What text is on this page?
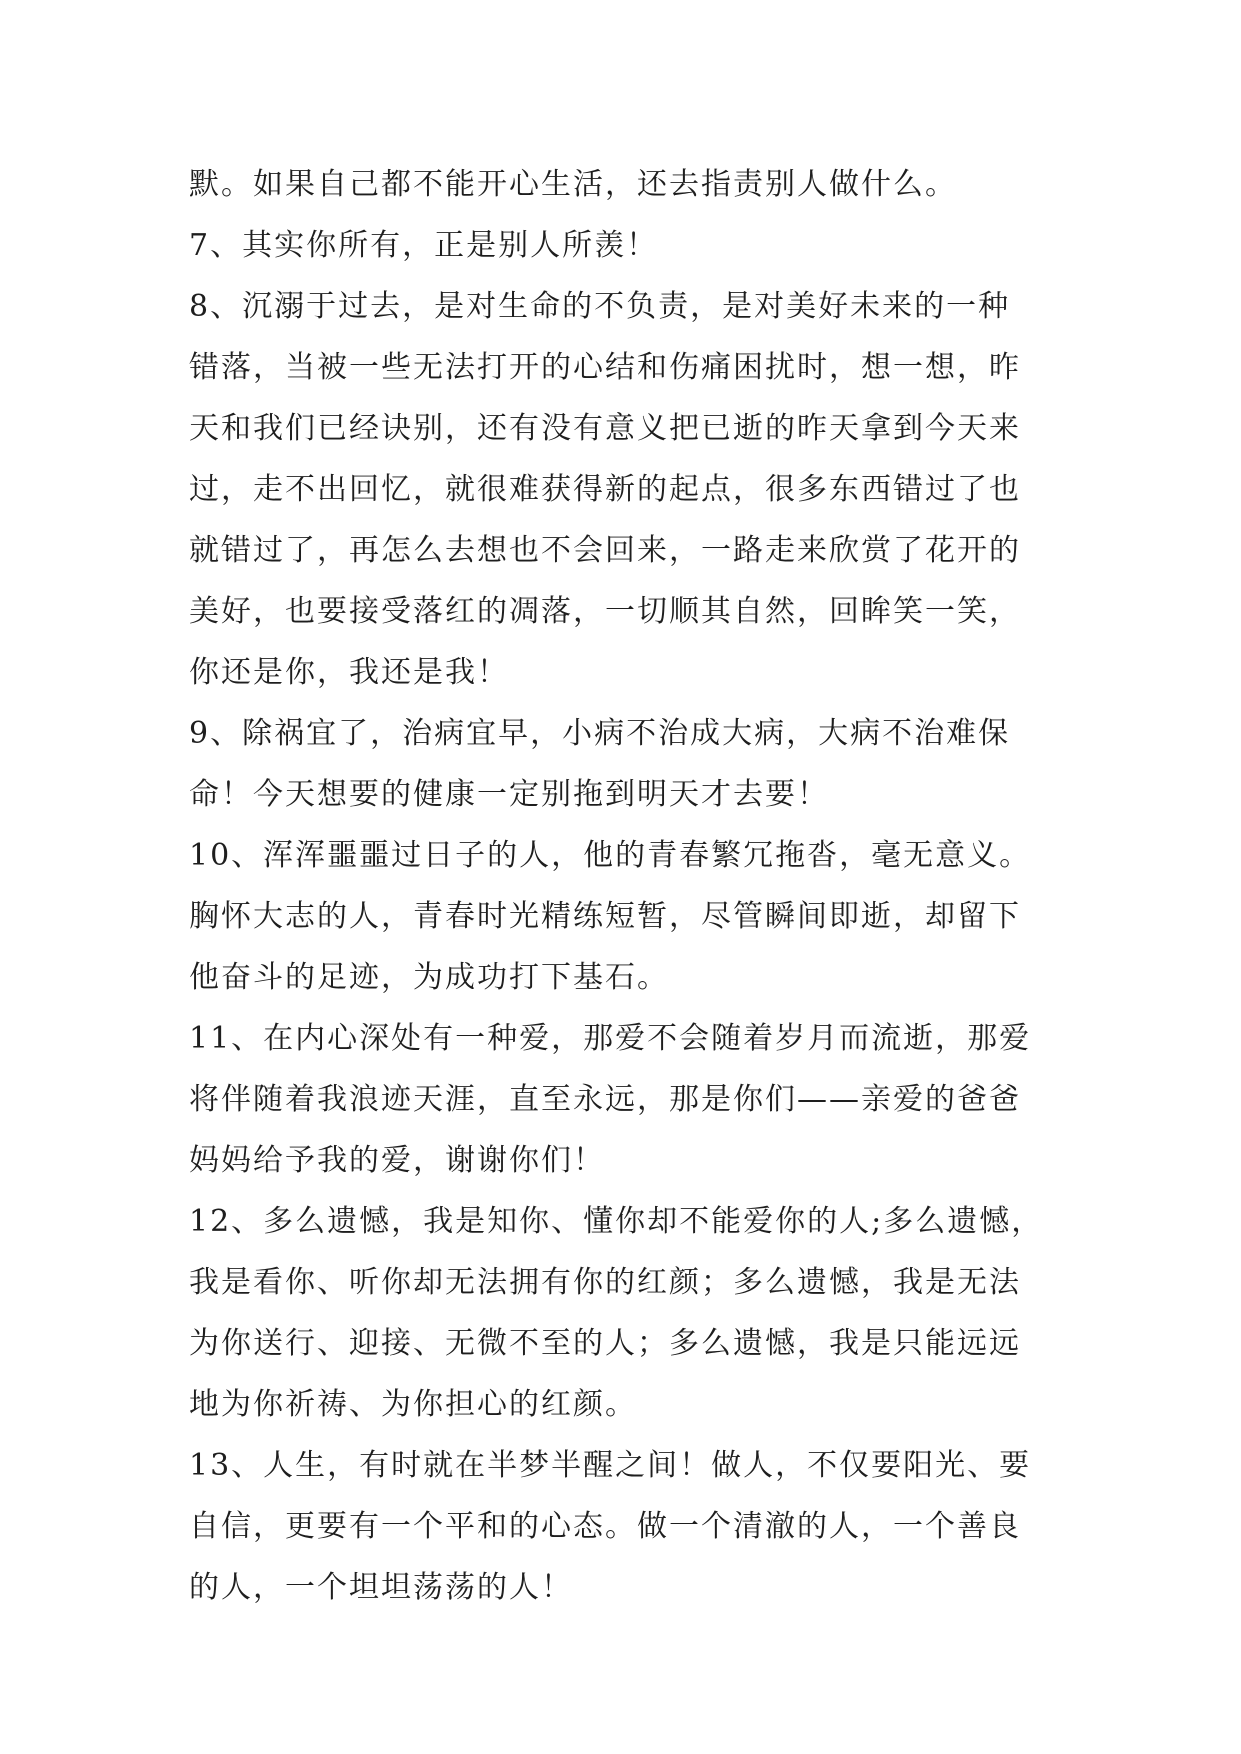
默。如果自己都不能开心生活，还去指责别人做什么。
7、其实你所有，正是别人所羡！
8、沉溺于过去，是对生命的不负责，是对美好未来的一种
错落，当被一些无法打开的心结和伤痛困扰时，想一想，昨
天和我们已经诀别，还有没有意义把已逝的昨天拿到今天来
过，走不出回忆，就很难获得新的起点，很多东西错过了也
就错过了，再怎么去想也不会回来，一路走来欣赏了花开的
美好，也要接受落红的凋落，一切顺其自然，回眸笑一笑，
你还是你，我还是我！
9、除祸宜了，治病宜早，小病不治成大病，大病不治难保
命！今天想要的健康一定别拖到明天才去要！
10、浑浑噩噩过日子的人，他的青春繁冗拖沓，毫无意义。
胸怀大志的人，青春时光精练短暂，尽管瞬间即逝，却留下
他奋斗的足迹，为成功打下基石。
11、在内心深处有一种爱，那爱不会随着岁月而流逝，那爱
将伴随着我浪迹天涯，直至永远，那是你们——亲爱的爸爸
妈妈给予我的爱，谢谢你们！
12、多么遗憾，我是知你、懂你却不能爱你的人;多么遗憾，
我是看你、听你却无法拥有你的红颜；多么遗憾，我是无法
为你送行、迎接、无微不至的人；多么遗憾，我是只能远远
地为你祈祷、为你担心的红颜。
13、人生，有时就在半梦半醒之间！做人，不仅要阳光、要
自信，更要有一个平和的心态。做一个清澈的人，一个善良
的人，一个坦坦荡荡的人！
